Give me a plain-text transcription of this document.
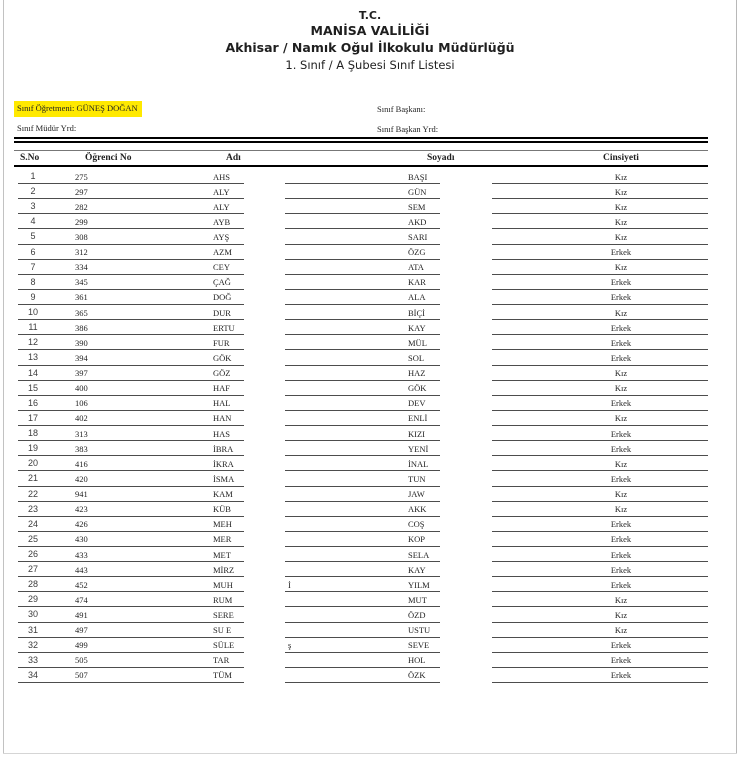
T.C.
MANİSA VALİLİĞİ
Akhisar / Namık Oğul İlkokulu Müdürlüğü
1. Sınıf / A Şubesi Sınıf Listesi
Sınıf Öğretmeni: GÜNEŞ DOĞAN
Sınıf Müdür Yrd:
Sınıf Başkanı:
Sınıf Başkan Yrd:
S.No	Öğrenci No	Adı	Soyadı	Cinsiyeti
1	275	AHS	BAŞI	Kız
2	297	ALY	GÜN	Kız
3	282	ALY	SEM	Kız
4	299	AYB	AKD	Kız
5	308	AYŞ	SARI	Kız
6	312	AZM	ÖZG	Erkek
7	334	CEY	ATA	Kız
8	345	ÇAĞ	KAR	Erkek
9	361	DOĞ	ALA	Erkek
10	365	DUR	BİÇİ	Kız
11	386	ERTU	KAY	Erkek
12	390	FUR	MÜL	Erkek
13	394	GÖK	SOL	Erkek
14	397	GÖZ	HAZ	Kız
15	400	HAF	GÖK	Kız
16	106	HAL	DEV	Erkek
17	402	HAN	ENLİ	Kız
18	313	HAS	KIZI	Erkek
19	383	İBRA	YENİ	Erkek
20	416	İKRA	İNAL	Kız
21	420	İSMA	TUN	Erkek
22	941	KAM	JAW	Kız
23	423	KÜB	AKK	Kız
24	426	MEH	COŞ	Erkek
25	430	MER	KOP	Erkek
26	433	MET	SELA	Erkek
27	443	MİRZ	KAY	Erkek
28	452	MUH	İ	YILM	Erkek
29	474	RUM	MUT	Kız
30	491	SERE	ÖZD	Kız
31	497	SU E	USTU	Kız
32	499	SÜLE	ş	SEVE	Erkek
33	505	TAR	HOL	Erkek
34	507	TÜM	ÖZK	Erkek
